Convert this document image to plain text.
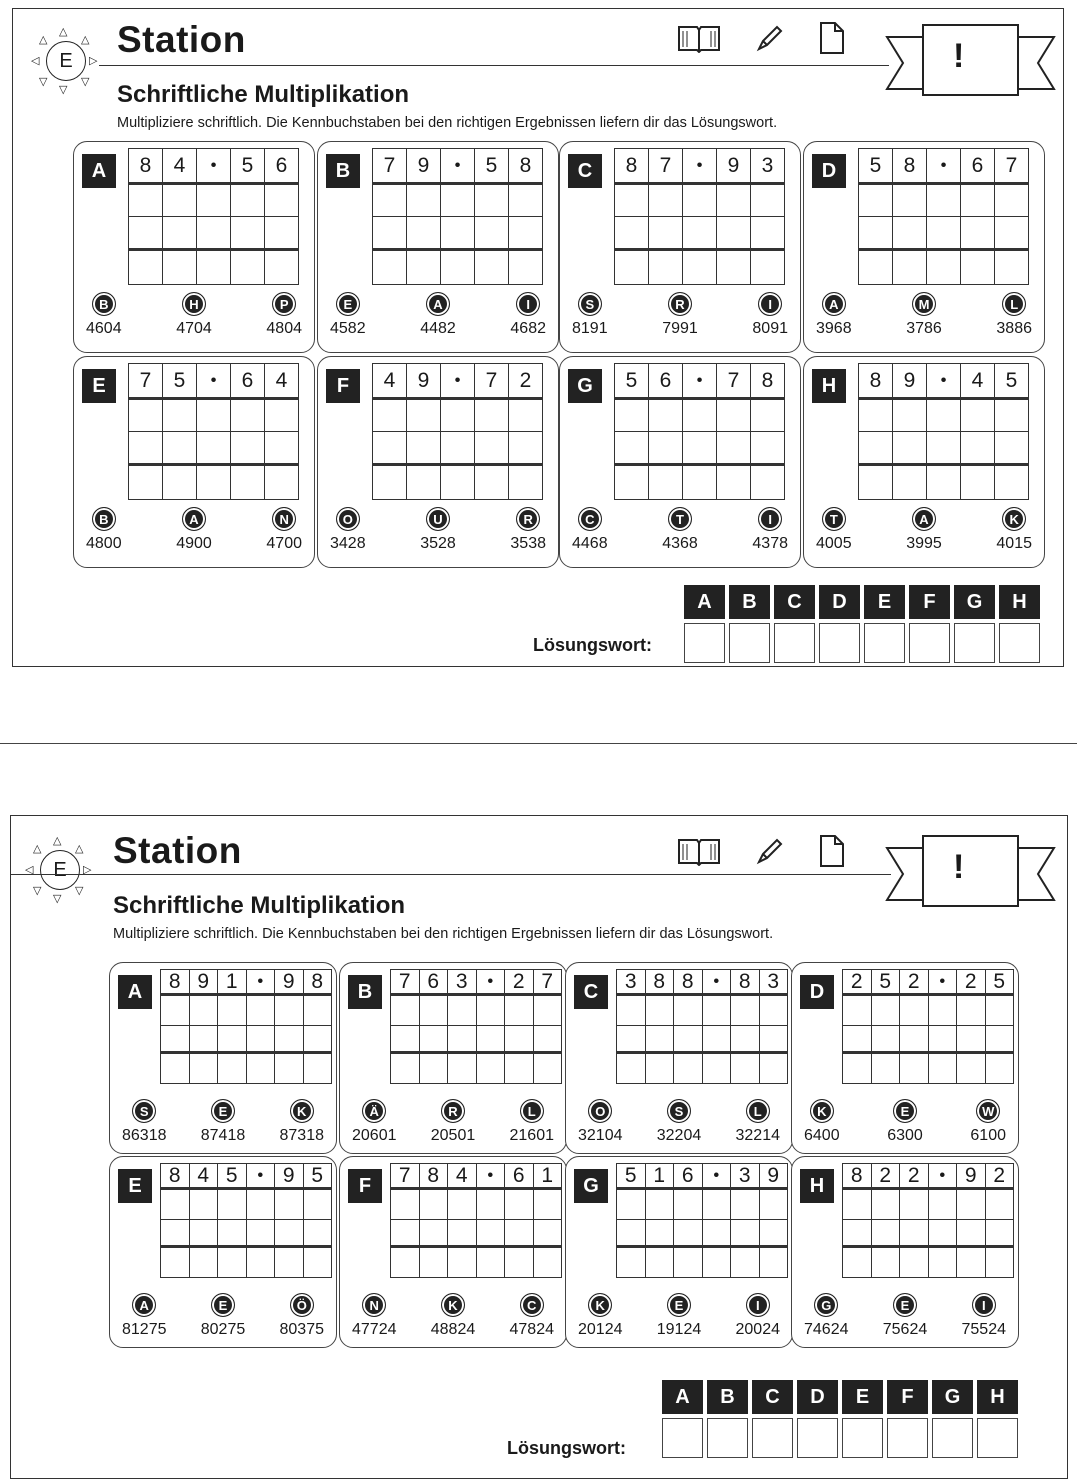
△
▽
◁	▷
△	△
▽	▽
E
Station
Schriftliche Multiplikation
Multipliziere schriftlich. Die Kennbuchstaben bei den richtigen Ergebnissen liefern dir das Lösungswort.
!
A	8	4	•	5	6
B
4604
H
4704
P
4804
B	7	9	•	5	8
E
4582
A
4482
I
4682
C	8	7	•	9	3
S
8191
R
7991
I
8091
D	5	8	•	6	7
A
3968
M
3786
L
3886
E	7	5	•	6	4
B
4800
A
4900
N
4700
F	4	9	•	7	2
O
3428
U
3528
R
3538
G	5	6	•	7	8
C
4468
T
4368
I
4378
H	8	9	•	4	5
T
4005
A
3995
K
4015
Lösungswort:
A	B	C	D	E	F	G	H
△
▽
◁	▷
△	△
▽	▽
E	Station
Schriftliche Multiplikation
Multipliziere schriftlich. Die Kennbuchstaben bei den richtigen Ergebnissen liefern dir das Lösungswort.
!
A	8 9 1	• 9 8
S
86318
E
87418
K
87318
B	7 6 3	• 2 7
Ä
20601
R
20501
L
21601
C	3 8 8	• 8 3
O
32104
S
32204
L
32214
D	2 5 2	• 2 5
K
6400
E
6300
W
6100
E	8 4 5	• 9 5
A
81275
E
80275
Ö
80375
F	7 8 4	• 6 1
N
47724
K
48824
C
47824
G	5 1 6	• 3 9
K
20124
E
19124
I
20024
H	8 2 2	• 9 2
G
74624
E
75624
I
75524
Lösungswort:
A	B	C	D	E	F	G	H
